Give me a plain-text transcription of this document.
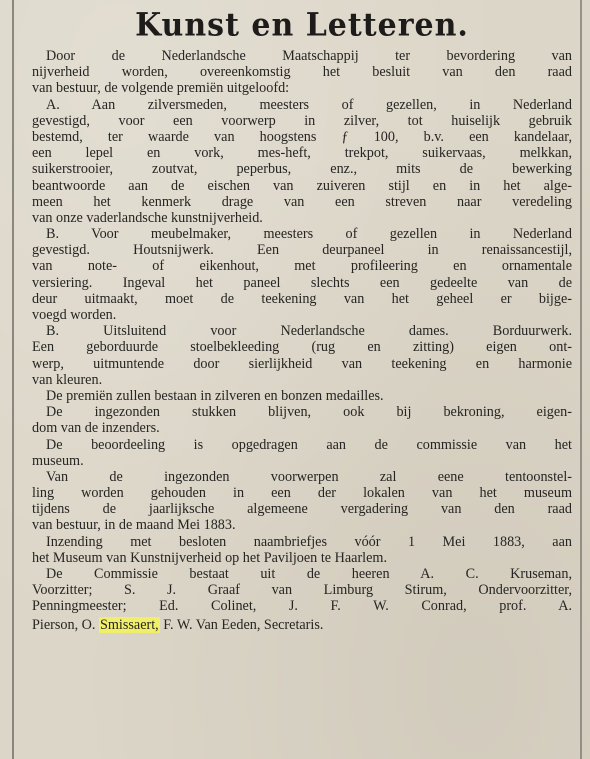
Kunst en Letteren.
Door de Nederlandsche Maatschappij ter bevordering van
nijverheid worden, overeenkomstig het besluit van den raad
van bestuur, de volgende premiën uitgeloofd:
A. Aan zilversmeden, meesters of gezellen, in Nederland
gevestigd, voor een voorwerp in zilver, tot huiselijk gebruik
bestemd, ter waarde van hoogstens ƒ 100, b.v. een kandelaar,
een lepel en vork, mes-heft, trekpot, suikervaas, melkkan,
suikerstrooier, zoutvat, peperbus, enz., mits de bewerking
beantwoorde aan de eischen van zuiveren stijl en in het alge-
meen het kenmerk drage van een streven naar veredeling
van onze vaderlandsche kunstnijverheid.
B. Voor meubelmaker, meesters of gezellen in Nederland
gevestigd. Houtsnijwerk. Een deurpaneel in renaissancestijl,
van note- of eikenhout, met profileering en ornamentale
versiering. Ingeval het paneel slechts een gedeelte van de
deur uitmaakt, moet de teekening van het geheel er bijge-
voegd worden.
B. Uitsluitend voor Nederlandsche dames. Borduurwerk.
Een geborduurde stoelbekleeding (rug en zitting) eigen ont-
werp, uitmuntende door sierlijkheid van teekening en harmonie
van kleuren.
De premiën zullen bestaan in zilveren en bonzen medailles.
De ingezonden stukken blijven, ook bij bekroning, eigen-
dom van de inzenders.
De beoordeeling is opgedragen aan de commissie van het
museum.
Van de ingezonden voorwerpen zal eene tentoonstel-
ling worden gehouden in een der lokalen van het museum
tijdens de jaarlijksche algemeene vergadering van den raad
van bestuur, in de maand Mei 1883.
Inzending met besloten naambriefjes vóór 1 Mei 1883, aan
het Museum van Kunstnijverheid op het Paviljoen te Haarlem.
De Commissie bestaat uit de heeren A. C. Kruseman,
Voorzitter; S. J. Graaf van Limburg Stirum, Ondervoorzitter,
Penningmeester; Ed. Colinet, J. F. W. Conrad, prof. A.
Pierson, O. Smissaert, F. W. Van Eeden, Secretaris.
